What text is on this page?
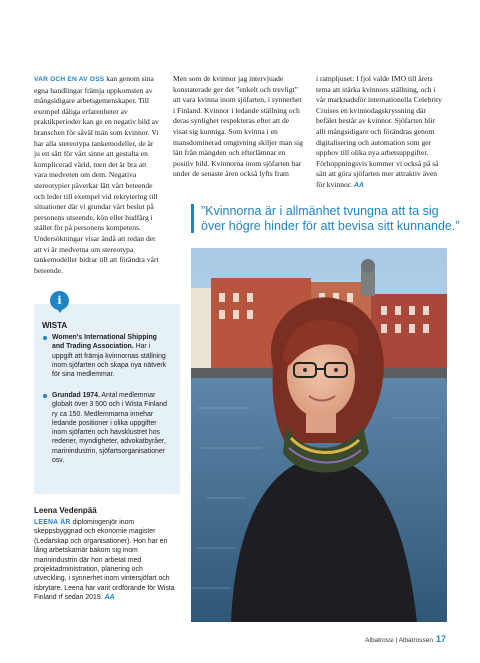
VAR OCH EN AV OSS kan genom sina egna handlingar främja uppkomsten av mångsidigare arbetsgemenskaper. Till exempel dåliga erfarenheter av praktikperioder kan ge en negativ bild av branschen för såväl män som kvinnor. Vi har alla stereotypa tankemodeller, de är ju ett sätt för vårt sinne att gestalta en komplicerad värld, men det är bra att vara medveten om dem. Negativa stereotypier påverkar lätt vårt beteende och leder till exempel vid rekrytering till situationer där vi grundar vårt beslut på personens utseende, kön eller hudfärg i stället för på personens kompetens. Undersökningar visar ändå att redan det att vi är medvetna om stereotypa tankemodeller bidrar till att förändra vårt beteende.
Men som de kvinnor jag intervjuade konstaterade ger det ”enkelt och trevligt” att vara kvinna inom sjöfarten, i synnerhet i Finland. Kvinnor i ledande ställning och deras synlighet respekteras efter att de visat sig kunniga. Som kvinna i en mansdominerad omgivning skiljer man sig lätt från mängden och efterlämnar en positiv bild. Kvinnorna inom sjöfarten har under de senaste åren också lyfts fram
i rampljuset: I fjol valde IMO till årets tema att stärka kvinnors ställning, och i vår marknadsför internationella Celebrity Cruises en kvinnodagskryssning där befälet består av kvinnor. Sjöfarten blir allt mångsidigare och förändras genom digitalisering och automation som ger upphov till olika nya arbetsuppgifter. Förhoppningsvis kommer vi också på så sätt att göra sjöfarten mer attraktiv även för kvinnor. AA
”Kvinnorna är i allmänhet tvungna att ta sig över högre hinder för att bevisa sitt kunnande.”
i
WISTA
Women's International Shipping and Trading Association. Har i uppgift att främja kvinnornas ställning inom sjöfarten och skapa nya nätverk för sina medlemmar.
Grundad 1974. Antal medlemmar globalt över 3 500 och i Wista Finland ry ca 150. Medlemmarna innehar ledande positioner i olika uppgifter inom sjöfarten och havsklustret hos rederier, myndigheter, advokatbyråer, marinindustrin, sjöfartsorganisationer osv.
Leena Vedenpää
LEENA ÄR diplomingenjör inom skeppsbyggnad och ekonomie magister (Ledarskap och organisationer). Hon har en lång arbetskarriär bakom sig inom marinindustrin där hon arbetat med projektadministration, planering och utveckling, i synnerhet inom vintersjöfart och isbrytare. Leena har varit ordförande för Wista Finland rf sedan 2019. AA
Albatrossi | Albatrossen 17
